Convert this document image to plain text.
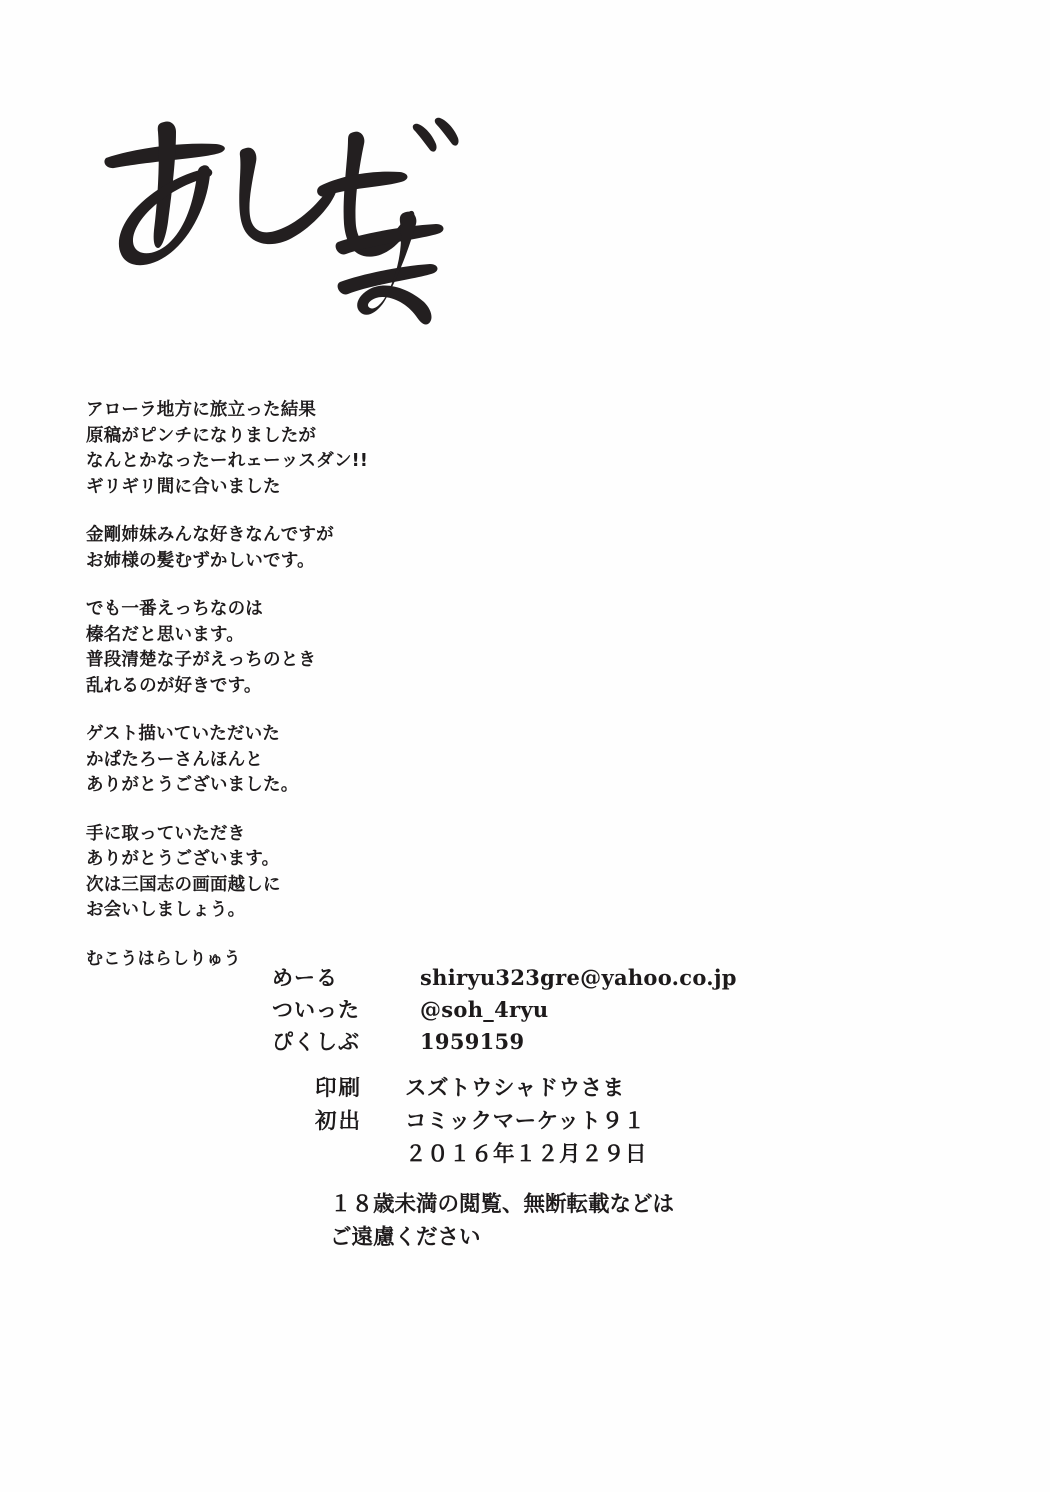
アローラ地方に旅立った結果
原稿がピンチになりましたが
なんとかなったーれェーッスダン!!
ギリギリ間に合いました

金剛姉妹みんな好きなんですが
お姉様の髪むずかしいです。

でも一番えっちなのは
榛名だと思います。
普段清楚な子がえっちのとき
乱れるのが好きです。

ゲスト描いていただいた
かぱたろーさんほんと
ありがとうございました。

手に取っていただき
ありがとうございます。
次は三国志の画面越しに
お会いしましょう。

むこうはらしりゅう

めーる	shiryu323gre@yahoo.co.jp
ついった	@soh_4ryu
ぴくしぶ	1959159
印刷	スズトウシャドウさま
初出	コミックマーケット９１
２０１６年１２月２９日
１８歳未満の閲覧、無断転載などは
ご遠慮ください
